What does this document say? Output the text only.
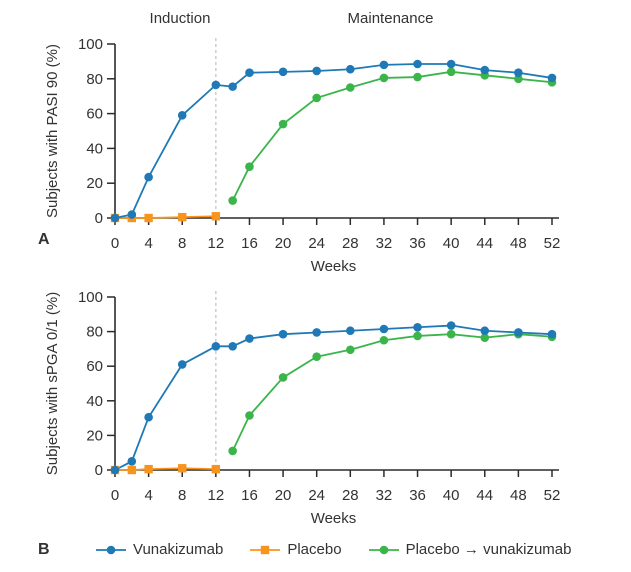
Induction	Maintenance
0
20
40
60
80
100
0 4 8 12 16 20 24 28 32 36 40 44 48 52
Weeks
Subjects with PASI 90 (%)
0
20
40
60
80
100
0 4 8 12 16 20 24 28 32 36 40 44 48 52
Weeks
Subjects with sPGA 0/1 (%)
A
B	Vunakizumab	Placebo	Placebo → vunakizumab
